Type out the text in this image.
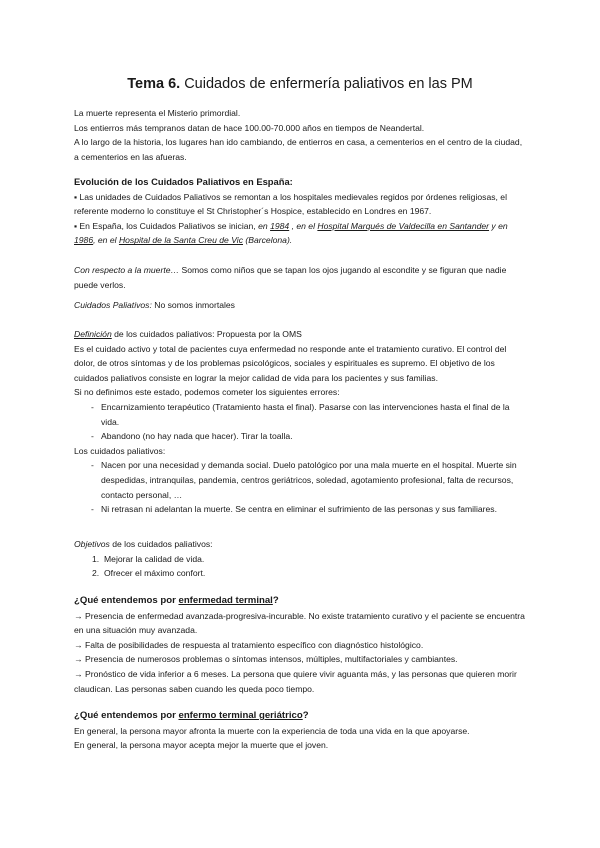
Tema 6. Cuidados de enfermería paliativos en las PM

La muerte representa el Misterio primordial.

Los entierros más tempranos datan de hace 100.00-70.000 años en tiempos de Neandertal.

A lo largo de la historia, los lugares han ido cambiando, de entierros en casa, a cementerios en el centro de la ciudad, a cementerios en las afueras.

Evolución de los Cuidados Paliativos en España:

▪ Las unidades de Cuidados Paliativos se remontan a los hospitales medievales regidos por órdenes religiosas, el referente moderno lo constituye el St Christopher´s Hospice, establecido en Londres en 1967.

▪ En España, los Cuidados Paliativos se inician, en 1984 , en el Hospital Marqués de Valdecilla en Santander y en 1986, en el Hospital de la Santa Creu de Vic (Barcelona).

Con respecto a la muerte… Somos como niños que se tapan los ojos jugando al escondite y se figuran que nadie puede verlos.

Cuidados Paliativos: No somos inmortales

Definición de los cuidados paliativos: Propuesta por la OMS

Es el cuidado activo y total de pacientes cuya enfermedad no responde ante el tratamiento curativo. El control del dolor, de otros síntomas y de los problemas psicológicos, sociales y espirituales es supremo. El objetivo de los cuidados paliativos consiste en lograr la mejor calidad de vida para los pacientes y sus familias.

Si no definimos este estado, podemos cometer los siguientes errores:

- Encarnizamiento terapéutico (Tratamiento hasta el final). Pasarse con las intervenciones hasta el final de la vida.
- Abandono (no hay nada que hacer). Tirar la toalla.

Los cuidados paliativos:

- Nacen por una necesidad y demanda social. Duelo patológico por una mala muerte en el hospital. Muerte sin despedidas, intranquilas, pandemia, centros geriátricos, soledad, agotamiento profesional, falta de recursos, contacto personal, …
- Ni retrasan ni adelantan la muerte. Se centra en eliminar el sufrimiento de las personas y sus familiares.

Objetivos de los cuidados paliativos:

1. Mejorar la calidad de vida.
2. Ofrecer el máximo confort.

¿Qué entendemos por enfermedad terminal?

→ Presencia de enfermedad avanzada-progresiva-incurable. No existe tratamiento curativo y el paciente se encuentra en una situación muy avanzada.

→ Falta de posibilidades de respuesta al tratamiento específico con diagnóstico histológico.

→ Presencia de numerosos problemas o síntomas intensos, múltiples, multifactoriales y cambiantes.

→ Pronóstico de vida inferior a 6 meses. La persona que quiere vivir aguanta más, y las personas que quieren morir claudican. Las personas saben cuando les queda poco tiempo.

¿Qué entendemos por enfermo terminal geriátrico?

En general, la persona mayor afronta la muerte con la experiencia de toda una vida en la que apoyarse.

En general, la persona mayor acepta mejor la muerte que el joven.
